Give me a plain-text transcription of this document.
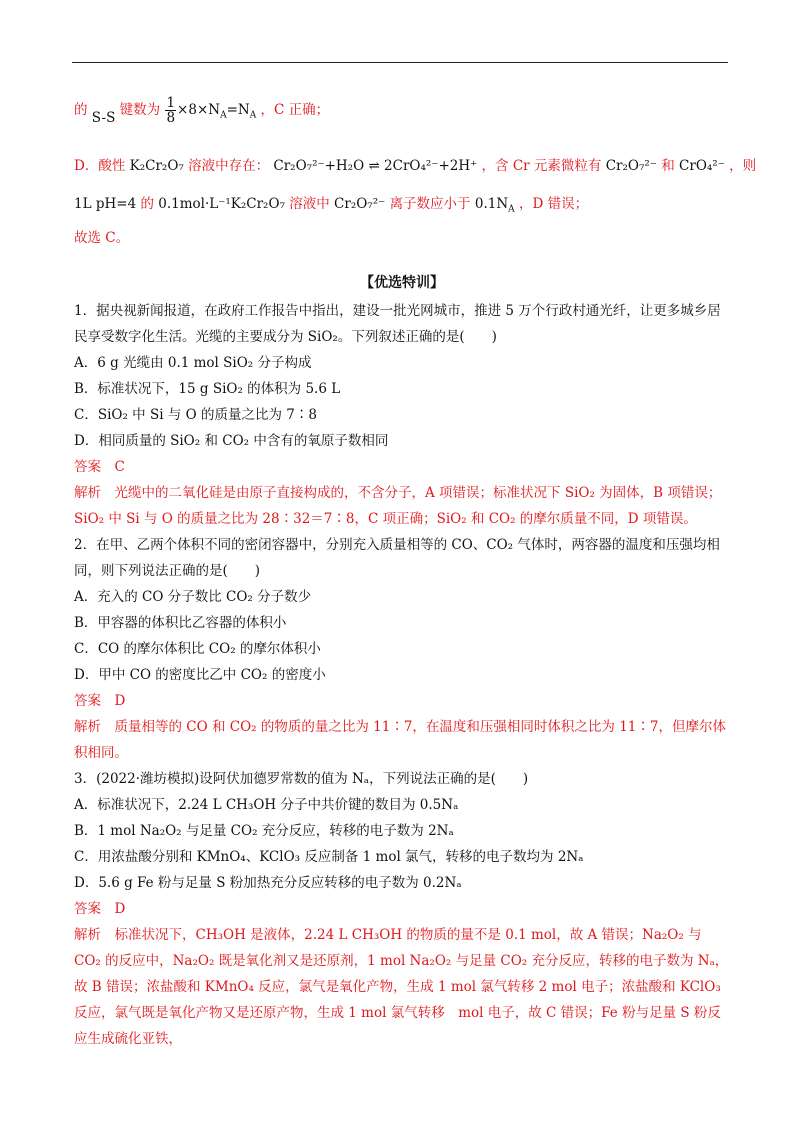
的 S-S 键数为 $\frac{1}{8} \times 8\times N_A=N_A$ ，C 正确；
D．酸性 K₂Cr₂O₇ 溶液中存在： Cr₂O₇²⁻+H₂O ⇌ 2CrO₄²⁻+2H⁺ ，含 Cr 元素微粒有 Cr₂O₇²⁻ 和 CrO₄²⁻ ，则
1L pH=4 的 0.1mol·L⁻¹K₂Cr₂O₇ 溶液中 Cr₂O₇²⁻ 离子数应小于 $0.1N_A$ ，D 错误；
故选 C。
【优选特训】
1．据央视新闻报道，在政府工作报告中指出，建设一批光网城市，推进 5 万个行政村通光纤，让更多城乡居民享受数字化生活。光缆的主要成分为 SiO₂。下列叙述正确的是(　　)
A．6 g 光缆由 0.1 mol SiO₂ 分子构成
B．标准状况下，15 g SiO₂ 的体积为 5.6 L
C．SiO₂ 中 Si 与 O 的质量之比为 7∶8
D．相同质量的 SiO₂ 和 CO₂ 中含有的氧原子数相同
答案　C
解析　光缆中的二氧化硅是由原子直接构成的，不含分子，A 项错误；标准状况下 SiO₂ 为固体，B 项错误；SiO₂ 中 Si 与 O 的质量之比为 28∶32＝7∶8，C 项正确；SiO₂ 和 CO₂ 的摩尔质量不同，D 项错误。
2．在甲、乙两个体积不同的密闭容器中，分别充入质量相等的 CO、CO₂ 气体时，两容器的温度和压强均相同，则下列说法正确的是(　　)
A．充入的 CO 分子数比 CO₂ 分子数少
B．甲容器的体积比乙容器的体积小
C．CO 的摩尔体积比 CO₂ 的摩尔体积小
D．甲中 CO 的密度比乙中 CO₂ 的密度小
答案　D
解析　质量相等的 CO 和 CO₂ 的物质的量之比为 11∶7，在温度和压强相同时体积之比为 11∶7，但摩尔体积相同。
3．(2022·潍坊模拟)设阿伏加德罗常数的值为 Nₐ，下列说法正确的是(　　)
A．标准状况下，2.24 L CH₃OH 分子中共价键的数目为 0.5Nₐ
B．1 mol Na₂O₂ 与足量 CO₂ 充分反应，转移的电子数为 2Nₐ
C．用浓盐酸分别和 KMnO₄、KClO₃ 反应制备 1 mol 氯气，转移的电子数均为 2Nₐ
D．5.6 g Fe 粉与足量 S 粉加热充分反应转移的电子数为 0.2Nₐ
答案　D
解析　标准状况下，CH₃OH 是液体，2.24 L CH₃OH 的物质的量不是 0.1 mol，故 A 错误；Na₂O₂ 与 CO₂ 的反应中，Na₂O₂ 既是氧化剂又是还原剂，1 mol Na₂O₂ 与足量 CO₂ 充分反应，转移的电子数为 Nₐ，故 B 错误；浓盐酸和 KMnO₄ 反应，氯气是氧化产物，生成 1 mol 氯气转移 2 mol 电子；浓盐酸和 KClO₃ 反应，氯气既是氧化产物又是还原产物，生成 1 mol 氯气转移　mol 电子，故 C 错误；Fe 粉与足量 S 粉反应生成硫化亚铁，
